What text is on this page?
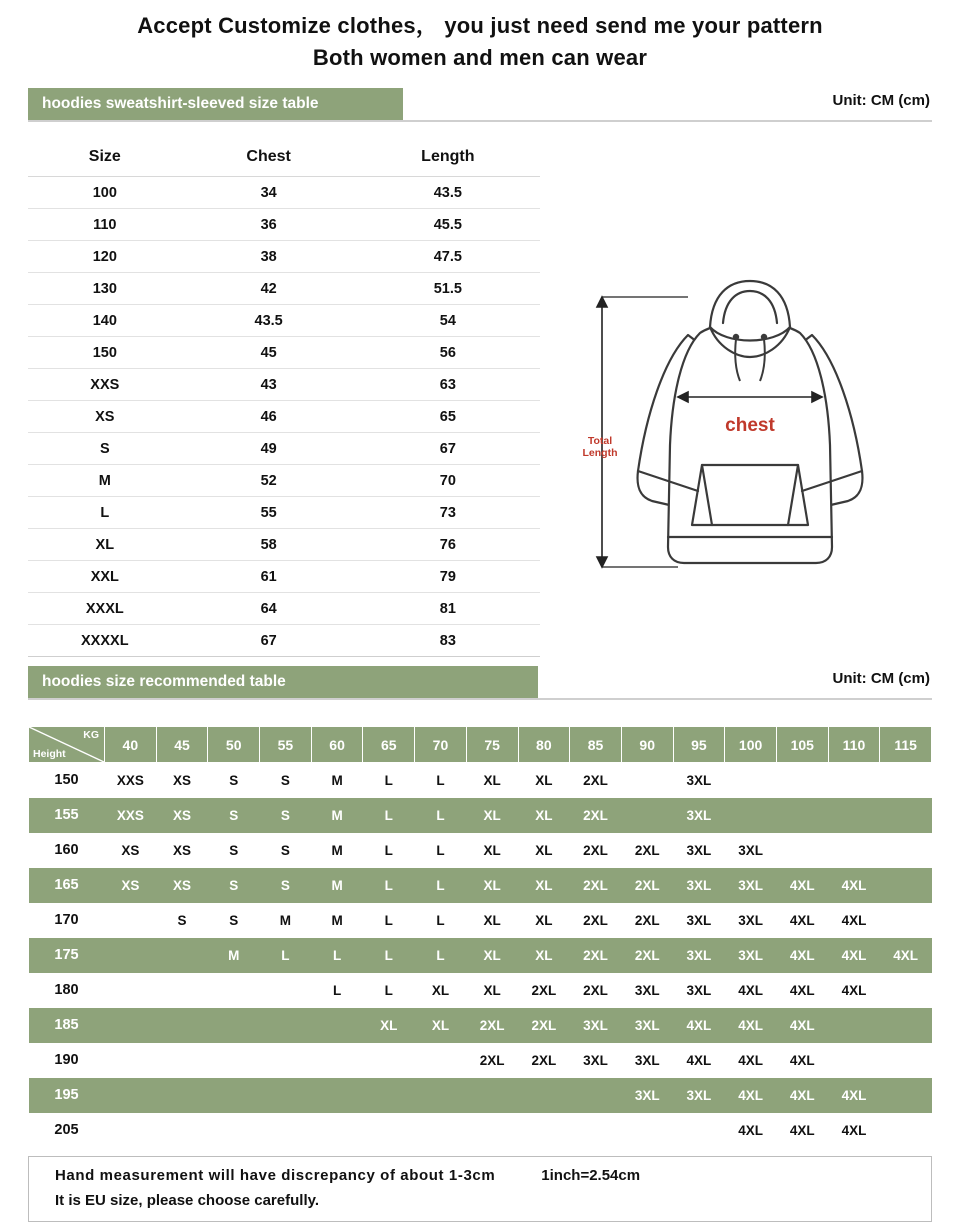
Accept Customize clothes， you just need send me your pattern
Both women and men can wear
hoodies sweatshirt-sleeved size table	Unit: CM (cm)
Size	Chest	Length
100	34	43.5
110	36	45.5
120	38	47.5
130	42	51.5
140	43.5	54
150	45	56
XXS	43	63
XS	46	65
S	49	67
M	52	70
L	55	73
XL	58	76
XXL	61	79
XXXL	64	81
XXXXL	67	83
chest
Total
Length
hoodies size recommended table	Unit: CM (cm)
KG
Height	40	45	50	55	60	65	70	75	80	85	90	95	100	105	110	115
150	XXS	XS	S	S	M	L	L	XL	XL	2XL		3XL				
155	XXS	XS	S	S	M	L	L	XL	XL	2XL		3XL				
160	XS	XS	S	S	M	L	L	XL	XL	2XL	2XL	3XL	3XL			
165	XS	XS	S	S	M	L	L	XL	XL	2XL	2XL	3XL	3XL	4XL	4XL	
170		S	S	M	M	L	L	XL	XL	2XL	2XL	3XL	3XL	4XL	4XL	
175			M	L	L	L	L	XL	XL	2XL	2XL	3XL	3XL	4XL	4XL	4XL
180					L	L	XL	XL	2XL	2XL	3XL	3XL	4XL	4XL	4XL	
185						XL	XL	2XL	2XL	3XL	3XL	4XL	4XL	4XL		
190								2XL	2XL	3XL	3XL	4XL	4XL	4XL		
195											3XL	3XL	4XL	4XL	4XL	
205													4XL	4XL	4XL	
Hand measurement will have discrepancy of about 1-3cm	1inch=2.54cm
It is EU size, please choose carefully.
